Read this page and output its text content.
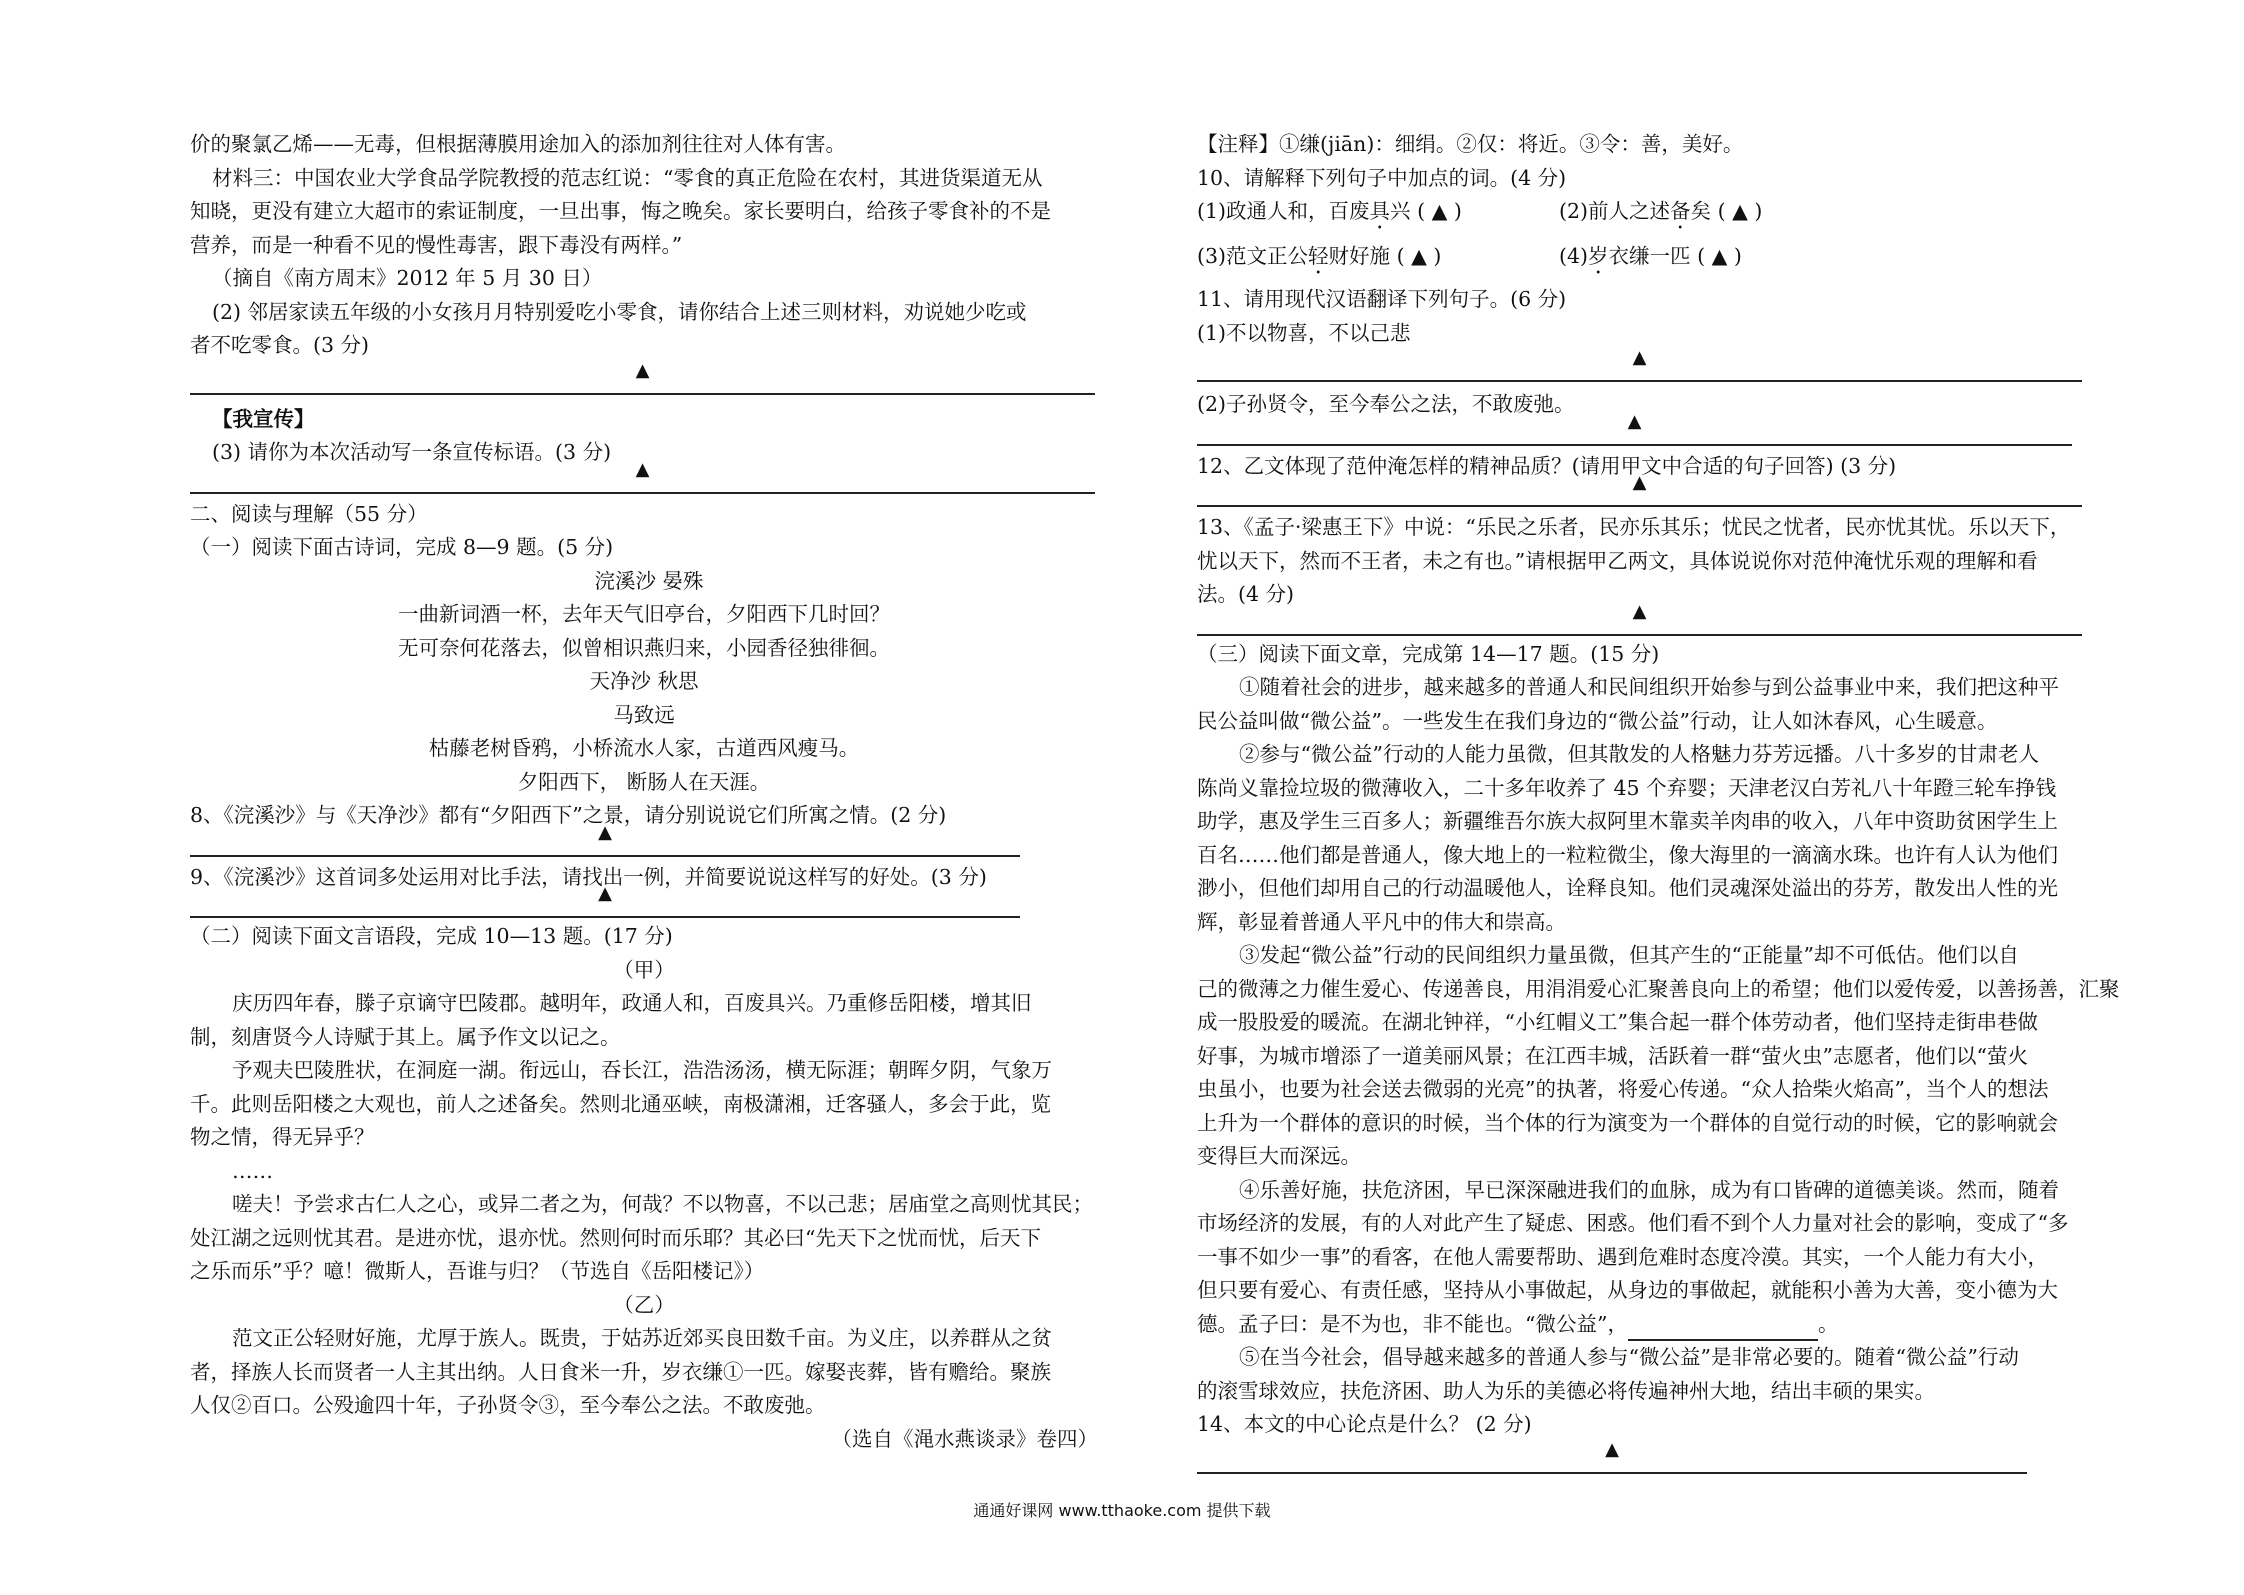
价的聚氯乙烯——无毒，但根据薄膜用途加入的添加剂往往对人体有害。

材料三：中国农业大学食品学院教授的范志红说：“零食的真正危险在农村，其进货渠道无从

知晓，更没有建立大超市的索证制度，一旦出事，悔之晚矣。家长要明白，给孩子零食补的不是

营养，而是一种看不见的慢性毒害，跟下毒没有两样。”

（摘自《南方周末》2012 年 5 月 30 日）

(2) 邻居家读五年级的小女孩月月特别爱吃小零食，请你结合上述三则材料，劝说她少吃或

者不吃零食。(3 分)

▲

【我宣传】

(3) 请你为本次活动写一条宣传标语。(3 分)

▲

二、阅读与理解（55 分）

（一）阅读下面古诗词，完成 8—9 题。(5 分)

浣溪沙 晏殊

一曲新词酒一杯，去年天气旧亭台，夕阳西下几时回？

无可奈何花落去，似曾相识燕归来，小园香径独徘徊。

天净沙 秋思

马致远

枯藤老树昏鸦，小桥流水人家，古道西风瘦马。

夕阳西下， 断肠人在天涯。

8、《浣溪沙》与《天净沙》都有“夕阳西下”之景，请分别说说它们所寓之情。(2 分)

▲

9、《浣溪沙》这首词多处运用对比手法，请找出一例，并简要说说这样写的好处。(3 分)

▲

（二）阅读下面文言语段，完成 10—13 题。(17 分)

（甲）

庆历四年春，滕子京谪守巴陵郡。越明年，政通人和，百废具兴。乃重修岳阳楼，增其旧

制，刻唐贤今人诗赋于其上。属予作文以记之。

予观夫巴陵胜状，在洞庭一湖。衔远山，吞长江，浩浩汤汤，横无际涯；朝晖夕阴，气象万

千。此则岳阳楼之大观也，前人之述备矣。然则北通巫峡，南极潇湘，迁客骚人，多会于此，览

物之情，得无异乎？

……

嗟夫！予尝求古仁人之心，或异二者之为，何哉？不以物喜，不以己悲；居庙堂之高则忧其民；

处江湖之远则忧其君。是进亦忧，退亦忧。然则何时而乐耶？其必曰“先天下之忧而忧，后天下

之乐而乐”乎？噫！微斯人，吾谁与归？（节选自《岳阳楼记》）

（乙）

范文正公轻财好施，尤厚于族人。既贵，于姑苏近郊买良田数千亩。为义庄，以养群从之贫

者，择族人长而贤者一人主其出纳。人日食米一升，岁衣缣①一匹。嫁娶丧葬，皆有赡给。聚族

人仅②百口。公殁逾四十年，子孙贤令③，至今奉公之法。不敢废弛。

（选自《渑水燕谈录》卷四）

【注释】①缣(jiān)：细绢。②仅：将近。③令：善，美好。

10、请解释下列句子中加点的词。(4 分)

(1)政通人和，百废具兴 ( ▲ )	(2)前人之述备矣 ( ▲ )
(3)范文正公轻财好施 ( ▲ )	(4)岁衣缣一匹 ( ▲ )

11、请用现代汉语翻译下列句子。(6 分)

(1)不以物喜，不以己悲

▲

(2)子孙贤令，至今奉公之法，不敢废弛。

▲

12、乙文体现了范仲淹怎样的精神品质？(请用甲文中合适的句子回答) (3 分)

▲

13、《孟子·梁惠王下》中说：“乐民之乐者，民亦乐其乐；忧民之忧者，民亦忧其忧。乐以天下，

忧以天下，然而不王者，未之有也。”请根据甲乙两文，具体说说你对范仲淹忧乐观的理解和看

法。(4 分)

▲

（三）阅读下面文章，完成第 14—17 题。(15 分)

①随着社会的进步，越来越多的普通人和民间组织开始参与到公益事业中来，我们把这种平

民公益叫做“微公益”。一些发生在我们身边的“微公益”行动，让人如沐春风，心生暖意。

②参与“微公益”行动的人能力虽微，但其散发的人格魅力芬芳远播。八十多岁的甘肃老人

陈尚义靠捡垃圾的微薄收入，二十多年收养了 45 个弃婴；天津老汉白芳礼八十年蹬三轮车挣钱

助学，惠及学生三百多人；新疆维吾尔族大叔阿里木靠卖羊肉串的收入，八年中资助贫困学生上

百名……他们都是普通人，像大地上的一粒粒微尘，像大海里的一滴滴水珠。也许有人认为他们

渺小，但他们却用自己的行动温暖他人，诠释良知。他们灵魂深处溢出的芬芳，散发出人性的光

辉，彰显着普通人平凡中的伟大和崇高。

③发起“微公益”行动的民间组织力量虽微，但其产生的“正能量”却不可低估。他们以自

己的微薄之力催生爱心、传递善良，用涓涓爱心汇聚善良向上的希望；他们以爱传爱，以善扬善，汇聚

成一股股爱的暖流。在湖北钟祥，“小红帽义工”集合起一群个体劳动者，他们坚持走街串巷做

好事，为城市增添了一道美丽风景；在江西丰城，活跃着一群“萤火虫”志愿者，他们以“萤火

虫虽小，也要为社会送去微弱的光亮”的执著，将爱心传递。“众人拾柴火焰高”，当个人的想法

上升为一个群体的意识的时候，当个体的行为演变为一个群体的自觉行动的时候，它的影响就会

变得巨大而深远。

④乐善好施，扶危济困，早已深深融进我们的血脉，成为有口皆碑的道德美谈。然而，随着

市场经济的发展，有的人对此产生了疑虑、困惑。他们看不到个人力量对社会的影响，变成了“多

一事不如少一事”的看客，在他人需要帮助、遇到危难时态度冷漠。其实，一个人能力有大小，

但只要有爱心、有责任感，坚持从小事做起，从身边的事做起，就能积小善为大善，变小德为大

德。孟子曰：是不为也，非不能也。“微公益”，	。

⑤在当今社会，倡导越来越多的普通人参与“微公益”是非常必要的。随着“微公益”行动

的滚雪球效应，扶危济困、助人为乐的美德必将传遍神州大地，结出丰硕的果实。

14、本文的中心论点是什么？ (2 分)

▲
通通好课网 www.tthaoke.com 提供下载
